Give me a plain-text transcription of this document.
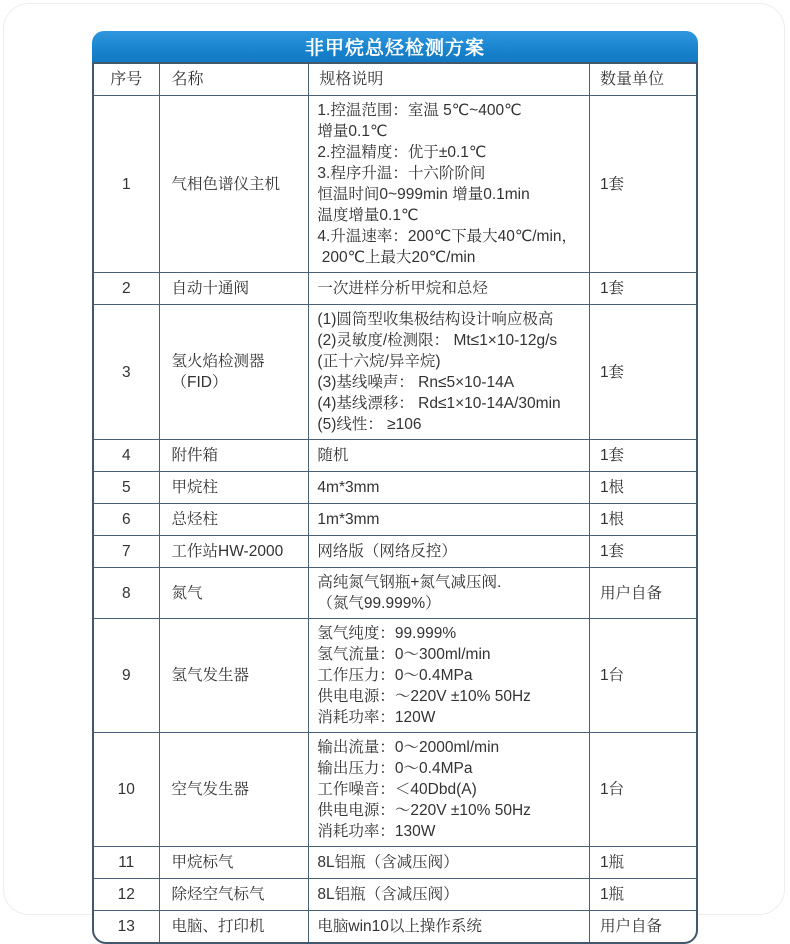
非甲烷总烃检测方案
序号	名称	规格说明	数量单位
1	气相色谱仪主机	
1.控温范围：室温 5℃~400℃
增量0.1℃
2.控温精度：优于±0.1℃
3.程序升温：十六阶阶间
恒温时间0~999min 增量0.1min
温度增量0.1℃
4.升温速率：200℃下最大40℃/min，
200℃上最大20℃/min
	1套
2	自动十通阀	一次进样分析甲烷和总烃	1套
3	氢火焰检测器（FID）	
(1)圆筒型收集极结构设计响应极高
(2)灵敏度/检测限： Mt≤1×10-12g/s
(正十六烷/异辛烷)
(3)基线噪声： Rn≤5×10-14A
(4)基线漂移： Rd≤1×10-14A/30min
(5)线性： ≥106
	1套
4	附件箱	随机	1套
5	甲烷柱	4m*3mm	1根
6	总烃柱	1m*3mm	1根
7	工作站HW-2000	网络版（网络反控）	1套
8	氮气	高纯氮气钢瓶+氮气减压阀.
（氮气99.999%）	用户自备
9	氢气发生器	氢气纯度：99.999%
氢气流量：0～300ml/min
工作压力：0～0.4MPa
供电电源：～220V ±10% 50Hz
消耗功率：120W	1台
10	空气发生器	输出流量：0～2000ml/min
输出压力：0～0.4MPa
工作噪音：＜40Dbd(A)
供电电源：～220V ±10% 50Hz
消耗功率：130W	1台
11	甲烷标气	8L铝瓶（含减压阀）	1瓶
12	除烃空气标气	8L铝瓶（含减压阀）	1瓶
13	电脑、打印机	电脑win10以上操作系统	用户自备
